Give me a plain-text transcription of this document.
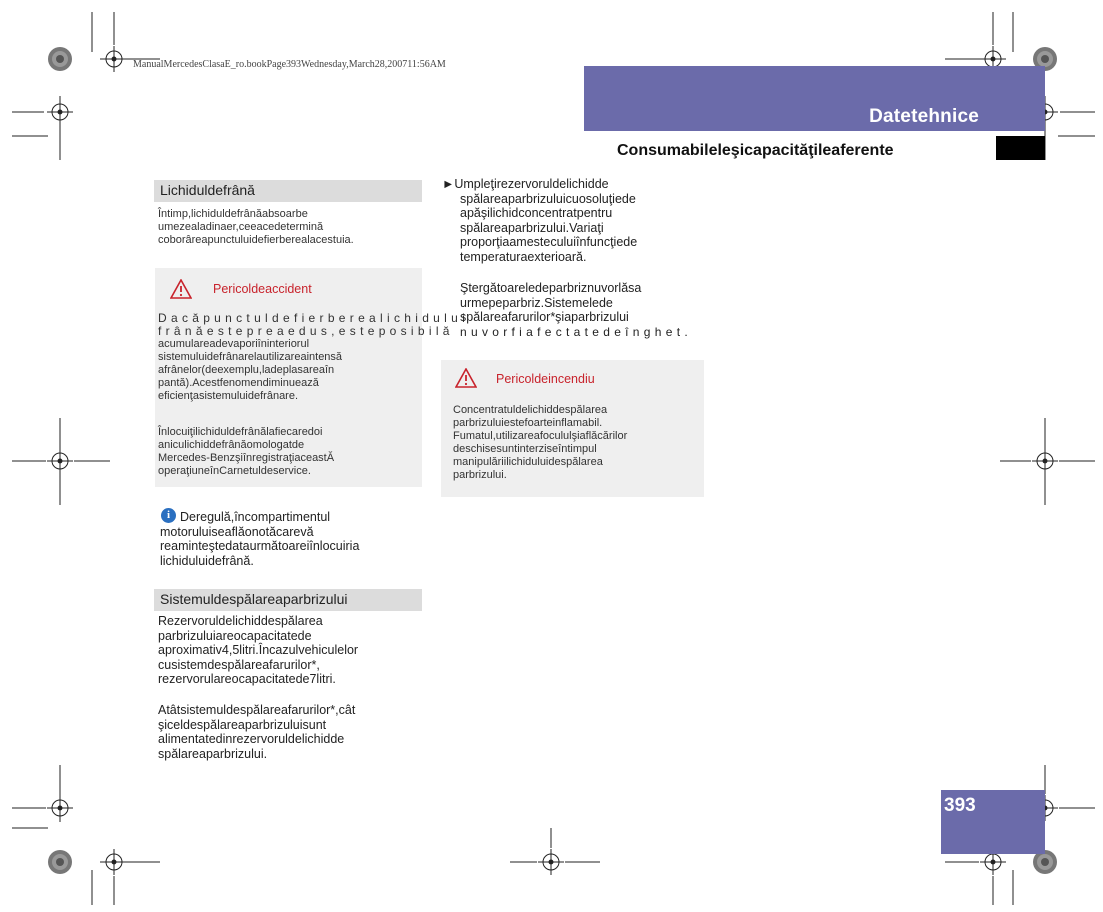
ManualMercedesClasaE_ro.bookPage393Wednesday,March28,200711:56AM
Datetehnice
Consumabileleşicapacităţileaferente
Lichiduldefrână
Întimp,lichiduldefrânăabsoarbe
umezealadinaer,ceeacedetermină
coborâreapunctuluidefierberealacestuia.
Pericoldeaccident
Dacăpunctuldefierberealichidului
frânăestepreaedus,esteposibilă
acumulareadevaporiîninteriorul
sistemuluidefrânarelautilizareaintensă
afrânelor(deexemplu,ladeplasareaîn
pantă).Acestfenomendiminuează
eficienţasistemuluidefrânare.
Înlocuiţilichiduldefrânălafiecaredoi
aniculichiddefrânăomologatde
Mercedes-BenzşiînregistraţiaceastĂ
operaţiuneînCarnetuldeservice.
i Deregulă,încompartimentul
motoruluiseaflăonotăcarevă
reaminteştedataurmătoareiînlocuiria
lichiduluidefrână.
Sistemuldespălareaparbrizului
Rezervoruldelichiddespălarea
parbrizuluiareocapacitatede
aproximativ4,5litri.Încazulvehiculelor
cusistemdespălareafarurilor*,
rezervorulareocapacitatede7litri.
Atâtsistemuldespălareafarurilor*,cât
şiceldespălareaparbrizuluisunt
alimentatedinrezervoruldelichidde
spălareaparbrizului.
►Umpleţirezervoruldelichidde
spălareaparbrizuluicuosoluţiede
apăşilichidconcentratpentru
spălareaparbrizului.Variaţi
proporţiaamesteculuiînfuncţiede
temperaturaexterioară.
Ştergătoareledeparbriznuvorlăsa
urmepeparbriz.Sistemelede
spălareafarurilor*şiaparbrizului
nuvorfiafectatedeînghet.
Pericoldeincendiu
Concentratuldelichiddespălarea
parbrizuluiestefoarteinflamabil.
Fumatul,utilizareafocululşiaflăcărilor
deschisesuntinterziseîntimpul
manipulăriilichiduluidespălarea
parbrizului.
393
